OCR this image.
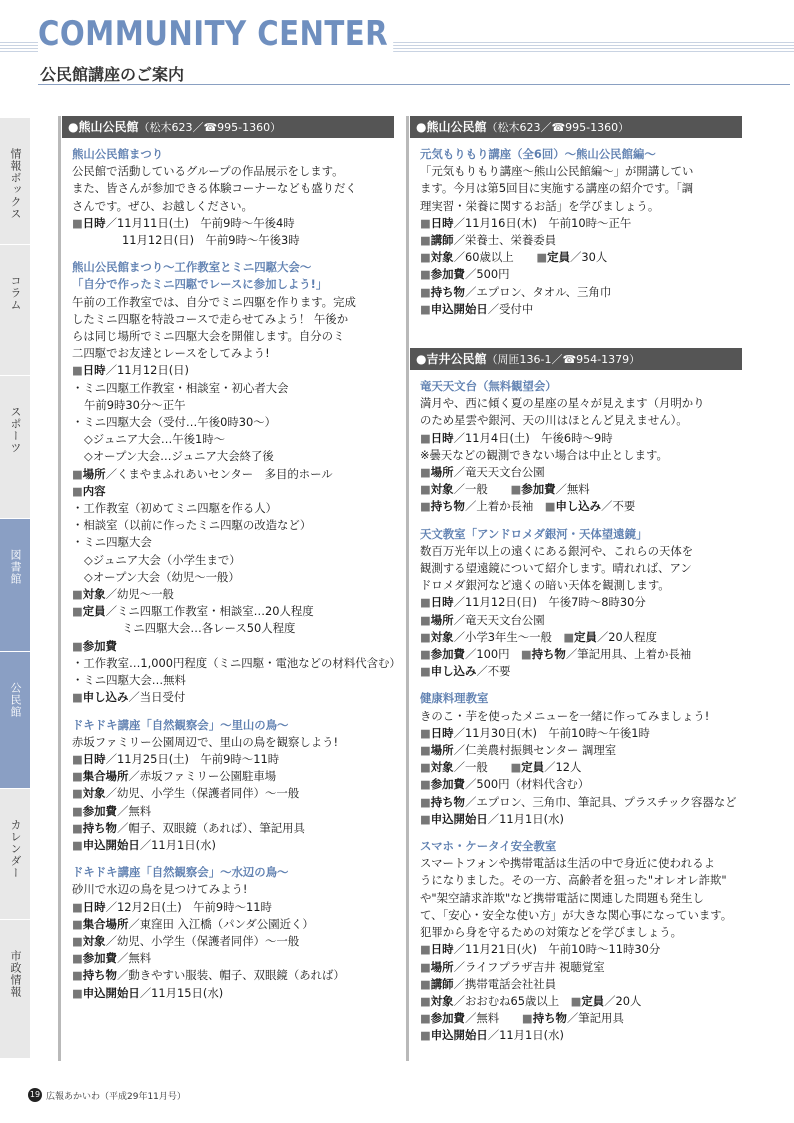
COMMUNITY CENTER
公民館講座のご案内
情報ボックス
コラム
スポーツ
図書館
公民館
カレンダー
市政情報
●熊山公民館（松木623／☎995-1360）
熊山公民館まつり
公民館で活動しているグループの作品展示をします。
また、皆さんが参加できる体験コーナーなども盛りだく
さんです。ぜひ、お越しください。
■日時／11月11日(土)　午前9時～午後4時
11月12日(日)　午前9時～午後3時
熊山公民館まつり～工作教室とミニ四駆大会～
「自分で作ったミニ四駆でレースに参加しよう!」
午前の工作教室では、自分でミニ四駆を作ります。完成
したミニ四駆を特設コースで走らせてみよう！ 午後か
らは同じ場所でミニ四駆大会を開催します。自分のミ
二四駆でお友達とレースをしてみよう!
■日時／11月12日(日)
・ミニ四駆工作教室・相談室・初心者大会
午前9時30分～正午
・ミニ四駆大会（受付…午後0時30～）
◇ジュニア大会…午後1時～
◇オープン大会…ジュニア大会終了後
■場所／くまやまふれあいセンター　多目的ホール
■内容
・工作教室（初めてミニ四駆を作る人）
・相談室（以前に作ったミニ四駆の改造など）
・ミニ四駆大会
◇ジュニア大会（小学生まで）
◇オープン大会（幼児～一般）
■対象／幼児～一般
■定員／ミニ四駆工作教室・相談室…20人程度
ミニ四駆大会…各レース50人程度
■参加費
・工作教室…1,000円程度（ミニ四駆・電池などの材料代含む）
・ミニ四駆大会…無料
■申し込み／当日受付
ドキドキ講座「自然観察会」～里山の鳥～
赤坂ファミリー公園周辺で、里山の鳥を観察しよう!
■日時／11月25日(土)　午前9時～11時
■集合場所／赤坂ファミリー公園駐車場
■対象／幼児、小学生（保護者同伴）～一般
■参加費／無料
■持ち物／帽子、双眼鏡（あれば）、筆記用具
■申込開始日／11月1日(水)
ドキドキ講座「自然観察会」～水辺の鳥～
砂川で水辺の鳥を見つけてみよう!
■日時／12月2日(土)　午前9時～11時
■集合場所／東窪田 入江橋（パンダ公園近く）
■対象／幼児、小学生（保護者同伴）～一般
■参加費／無料
■持ち物／動きやすい服装、帽子、双眼鏡（あれば）
■申込開始日／11月15日(水)
●熊山公民館（松木623／☎995-1360）
元気もりもり講座（全6回）～熊山公民館編～
「元気もりもり講座～熊山公民館編～」が開講してい
ます。今月は第5回目に実施する講座の紹介です。「調
理実習・栄養に関するお話」を学びましょう。
■日時／11月16日(木)　午前10時～正午
■講師／栄養士、栄養委員
■対象／60歳以上　　■定員／30人
■参加費／500円
■持ち物／エプロン、タオル、三角巾
■申込開始日／受付中
●吉井公民館（周匝136-1／☎954-1379）
竜天天文台（無料観望会）
満月や、西に傾く夏の星座の星々が見えます（月明かり
のため星雲や銀河、天の川はほとんど見えません）。
■日時／11月4日(土)　午後6時～9時
※曇天などの観測できない場合は中止とします。
■場所／竜天天文台公園
■対象／一般　　■参加費／無料
■持ち物／上着か長袖　■申し込み／不要
天文教室「アンドロメダ銀河・天体望遠鏡」
数百万光年以上の遠くにある銀河や、これらの天体を
観測する望遠鏡について紹介します。晴れれば、アン
ドロメダ銀河など遠くの暗い天体を観測します。
■日時／11月12日(日)　午後7時～8時30分
■場所／竜天天文台公園
■対象／小学3年生～一般　■定員／20人程度
■参加費／100円　■持ち物／筆記用具、上着か長袖
■申し込み／不要
健康料理教室
きのこ・芋を使ったメニューを一緒に作ってみましょう!
■日時／11月30日(木)　午前10時～午後1時
■場所／仁美農村振興センター 調理室
■対象／一般　　■定員／12人
■参加費／500円（材料代含む）
■持ち物／エプロン、三角巾、筆記具、プラスチック容器など
■申込開始日／11月1日(水)
スマホ・ケータイ安全教室
スマートフォンや携帯電話は生活の中で身近に使われるよ
うになりました。その一方、高齢者を狙った"オレオレ詐欺"
や"架空請求詐欺"など携帯電話に関連した問題も発生し
て、「安心・安全な使い方」が大きな関心事になっています。
犯罪から身を守るための対策などを学びましょう。
■日時／11月21日(火)　午前10時～11時30分
■場所／ライフプラザ吉井 視聴覚室
■講師／携帯電話会社社員
■対象／おおむね65歳以上　■定員／20人
■参加費／無料　　■持ち物／筆記用具
■申込開始日／11月1日(水)
19 広報あかいわ（平成29年11月号）
